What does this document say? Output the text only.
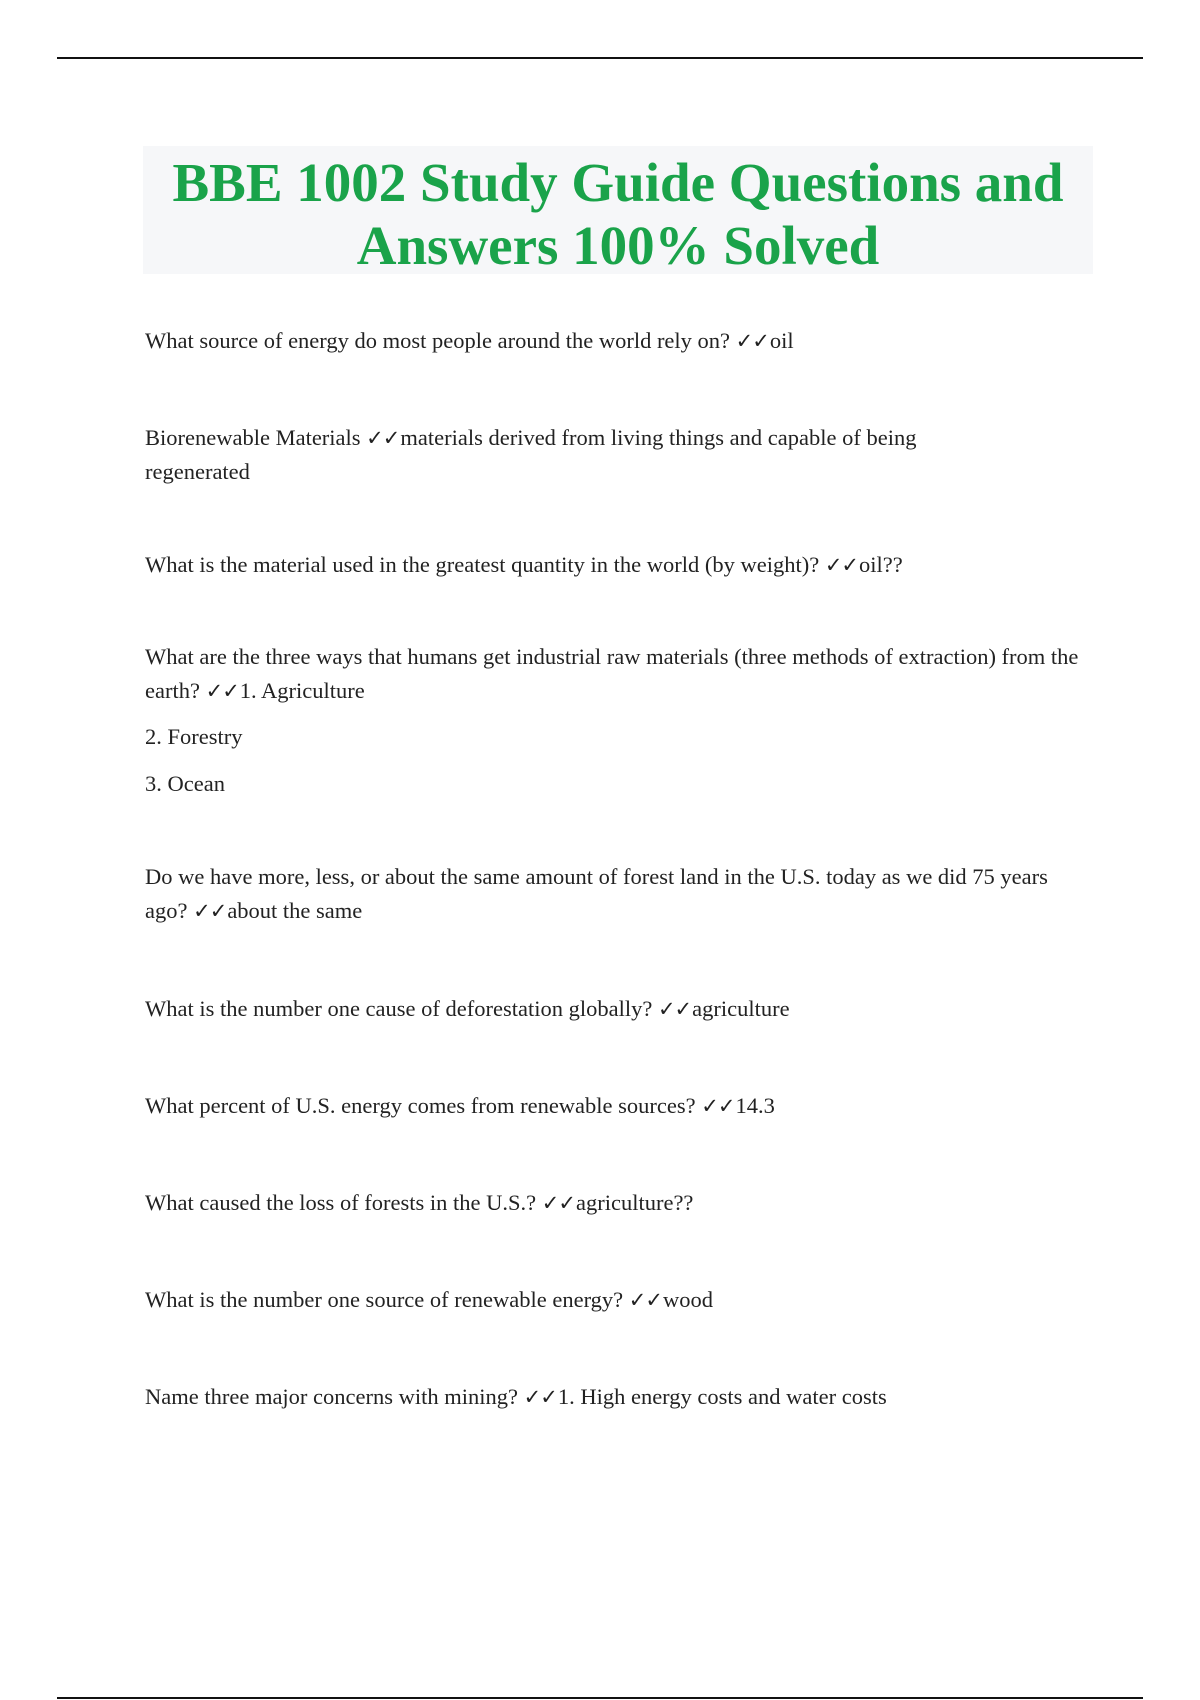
BBE 1002 Study Guide Questions and
Answers 100% Solved
What source of energy do most people around the world rely on? ✓✓oil
Biorenewable Materials ✓✓materials derived from living things and capable of being regenerated
What is the material used in the greatest quantity in the world (by weight)? ✓✓oil??
What are the three ways that humans get industrial raw materials (three methods of extraction) from the earth? ✓✓1. Agriculture
2. Forestry
3. Ocean
Do we have more, less, or about the same amount of forest land in the U.S. today as we did 75 years ago? ✓✓about the same
What is the number one cause of deforestation globally? ✓✓agriculture
What percent of U.S. energy comes from renewable sources? ✓✓14.3
What caused the loss of forests in the U.S.? ✓✓agriculture??
What is the number one source of renewable energy? ✓✓wood
Name three major concerns with mining? ✓✓1. High energy costs and water costs
